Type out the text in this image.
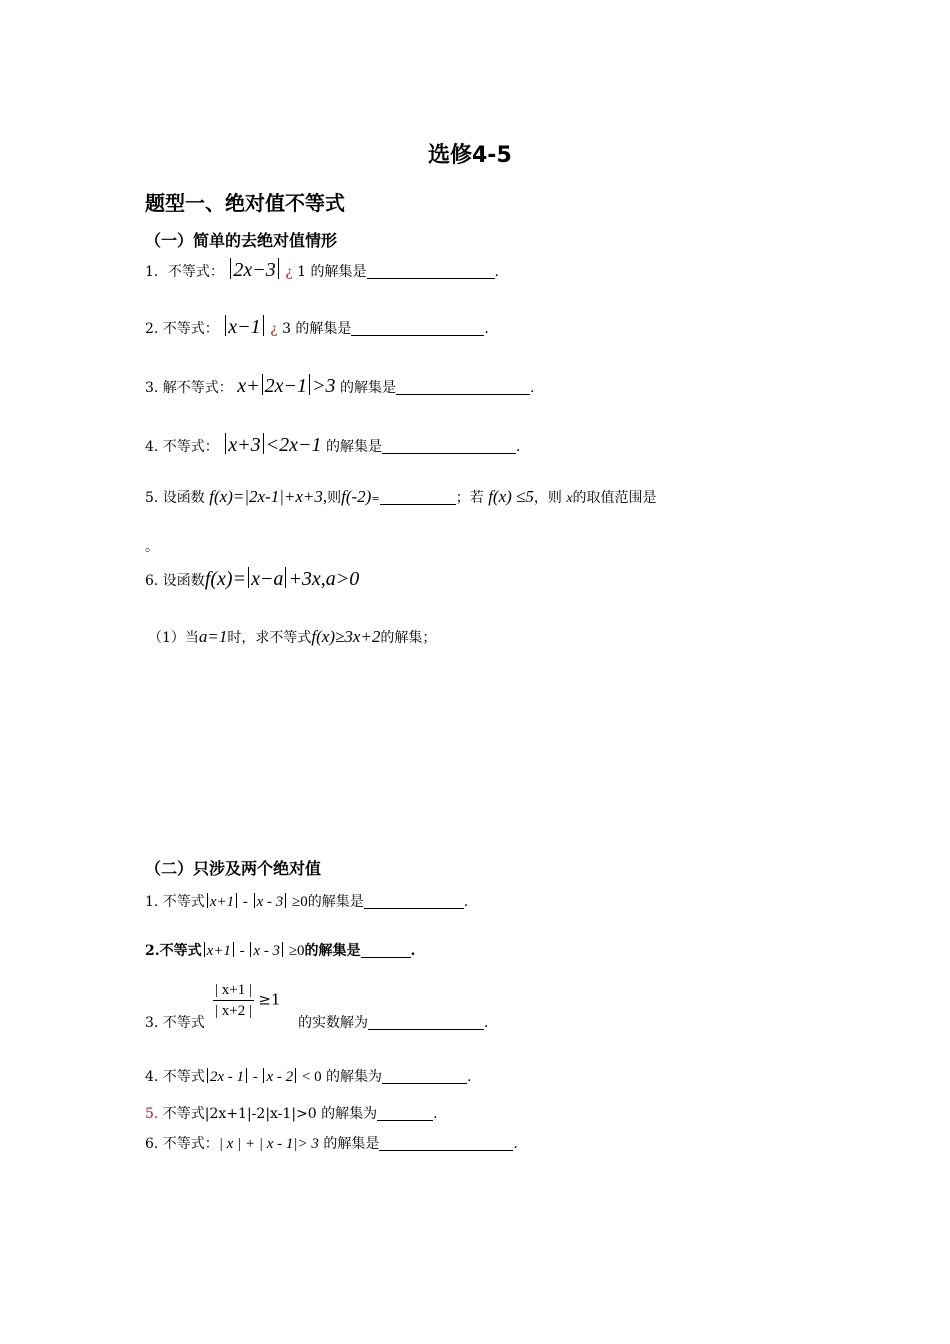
选修4-5
题型一、绝对值不等式
（一）简单的去绝对值情形
1．不等式： 2x−3 ¿ 1 的解集是	.
2. 不等式： x−1 ¿ 3 的解集是	.
3. 解不等式： x+ 2x−1 >3 的解集是	.
4. 不等式： x+3 <2x−1 的解集是	.
5. 设函数 f(x)=|2x-1|+x+3,则f(-2)=	；若 f(x) ≤5，则 x的取值范围是
。
6. 设函数f(x)= x−a +3x,a>0
（1）当a=1时，求不等式f(x)≥3x+2的解集；
（二）只涉及两个绝对值
1. 不等式 x+1 - x - 3 ≥0的解集是	.
2.不等式 x+1 - x - 3 ≥0的解集是	.
$\frac{| x+1 |}{| x+2 |} \ge 1$
3. 不等式	的实数解为	.
4. 不等式 2x - 1 - x - 2 < 0 的解集为	.
5. 不等式|2x+1|-2|x-1|>0 的解集为	.
6. 不等式：| x | + | x - 1|> 3 的解集是	.
